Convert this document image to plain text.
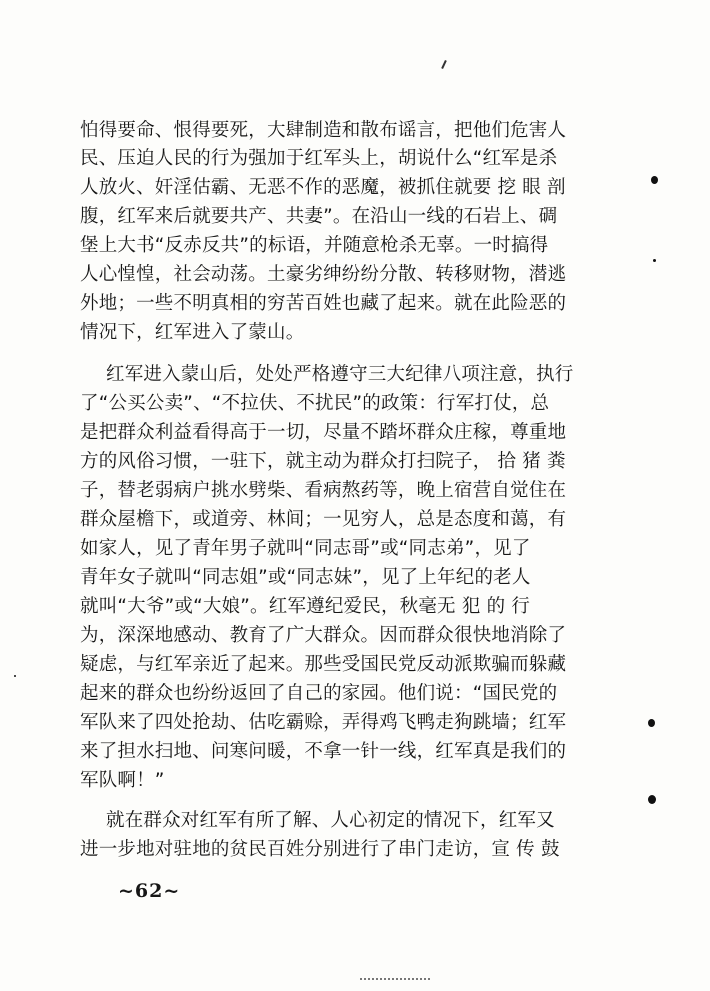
怕得要命、恨得要死，大肆制造和散布谣言，把他们危害人
民、压迫人民的行为强加于红军头上，胡说什么“红军是杀
人放火、奸淫估霸、无恶不作的恶魔，被抓住就要 挖 眼 剖
腹，红军来后就要共产、共妻”。在沿山一线的石岩上、碉
堡上大书“反赤反共”的标语，并随意枪杀无辜。一时搞得
人心惶惶，社会动荡。土豪劣绅纷纷分散、转移财物，潜逃
外地；一些不明真相的穷苦百姓也藏了起来。就在此险恶的
情况下，红军进入了蒙山。
红军进入蒙山后，处处严格遵守三大纪律八项注意，执行
了“公买公卖”、“不拉伕、不扰民”的政策：行军打仗，总
是把群众利益看得高于一切，尽量不踏坏群众庄稼，尊重地
方的风俗习惯，一驻下，就主动为群众打扫院子， 拾 猪 粪
子，替老弱病户挑水劈柴、看病熬药等，晚上宿营自觉住在
群众屋檐下，或道旁、林间；一见穷人，总是态度和蔼，有
如家人，见了青年男子就叫“同志哥”或“同志弟”，见了
青年女子就叫“同志姐”或“同志妹”，见了上年纪的老人
就叫“大爷”或“大娘”。红军遵纪爱民，秋毫无 犯 的 行
为，深深地感动、教育了广大群众。因而群众很快地消除了
疑虑，与红军亲近了起来。那些受国民党反动派欺骗而躲藏
起来的群众也纷纷返回了自己的家园。他们说：“国民党的
军队来了四处抢劫、估吃霸赊，弄得鸡飞鸭走狗跳墙；红军
来了担水扫地、问寒问暖，不拿一针一线，红军真是我们的
军队啊！”
就在群众对红军有所了解、人心初定的情况下，红军又
进一步地对驻地的贫民百姓分别进行了串门走访，宣 传 鼓
~62~
